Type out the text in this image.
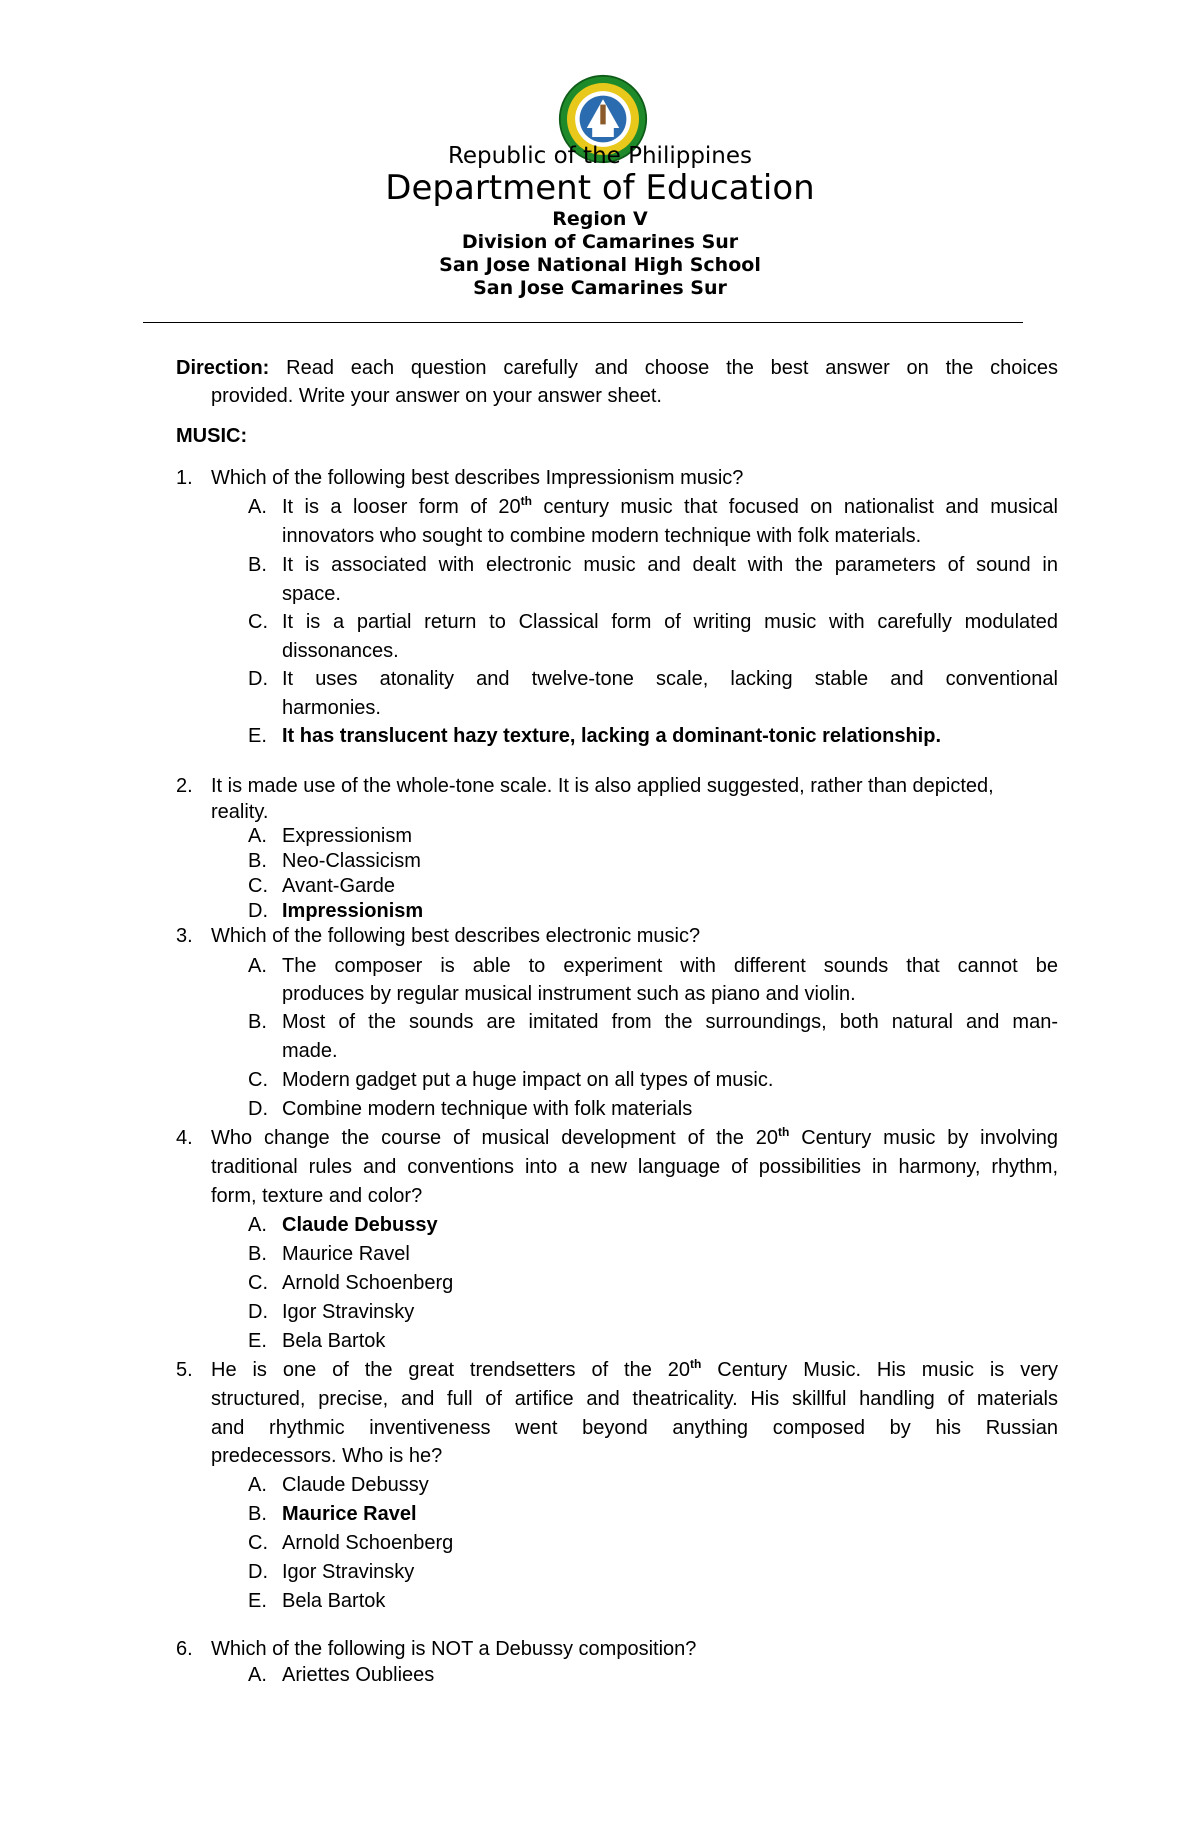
Republic of the Philippines
Department of Education
Region V
Division of Camarines Sur
San Jose National High School
San Jose Camarines Sur
Direction: Read each question carefully and choose the best answer on the choices
provided. Write your answer on your answer sheet.
MUSIC:
1. Which of the following best describes Impressionism music?
A. It is a looser form of 20th century music that focused on nationalist and musical
innovators who sought to combine modern technique with folk materials.
B. It is associated with electronic music and dealt with the parameters of sound in
space.
C. It is a partial return to Classical form of writing music with carefully modulated
dissonances.
D. It uses atonality and twelve-tone scale, lacking stable and conventional
harmonies.
E. It has translucent hazy texture, lacking a dominant-tonic relationship.
2. It is made use of the whole-tone scale. It is also applied suggested, rather than depicted,
reality.
A. Expressionism
B. Neo-Classicism
C. Avant-Garde
D. Impressionism
3. Which of the following best describes electronic music?
A. The composer is able to experiment with different sounds that cannot be
produces by regular musical instrument such as piano and violin.
B. Most of the sounds are imitated from the surroundings, both natural and man-
made.
C. Modern gadget put a huge impact on all types of music.
D. Combine modern technique with folk materials
4. Who change the course of musical development of the 20th Century music by involving
traditional rules and conventions into a new language of possibilities in harmony, rhythm,
form, texture and color?
A. Claude Debussy
B. Maurice Ravel
C. Arnold Schoenberg
D. Igor Stravinsky
E. Bela Bartok
5. He is one of the great trendsetters of the 20th Century Music. His music is very
structured, precise, and full of artifice and theatricality. His skillful handling of materials
and rhythmic inventiveness went beyond anything composed by his Russian
predecessors. Who is he?
A. Claude Debussy
B. Maurice Ravel
C. Arnold Schoenberg
D. Igor Stravinsky
E. Bela Bartok
6. Which of the following is NOT a Debussy composition?
A. Ariettes Oubliees
